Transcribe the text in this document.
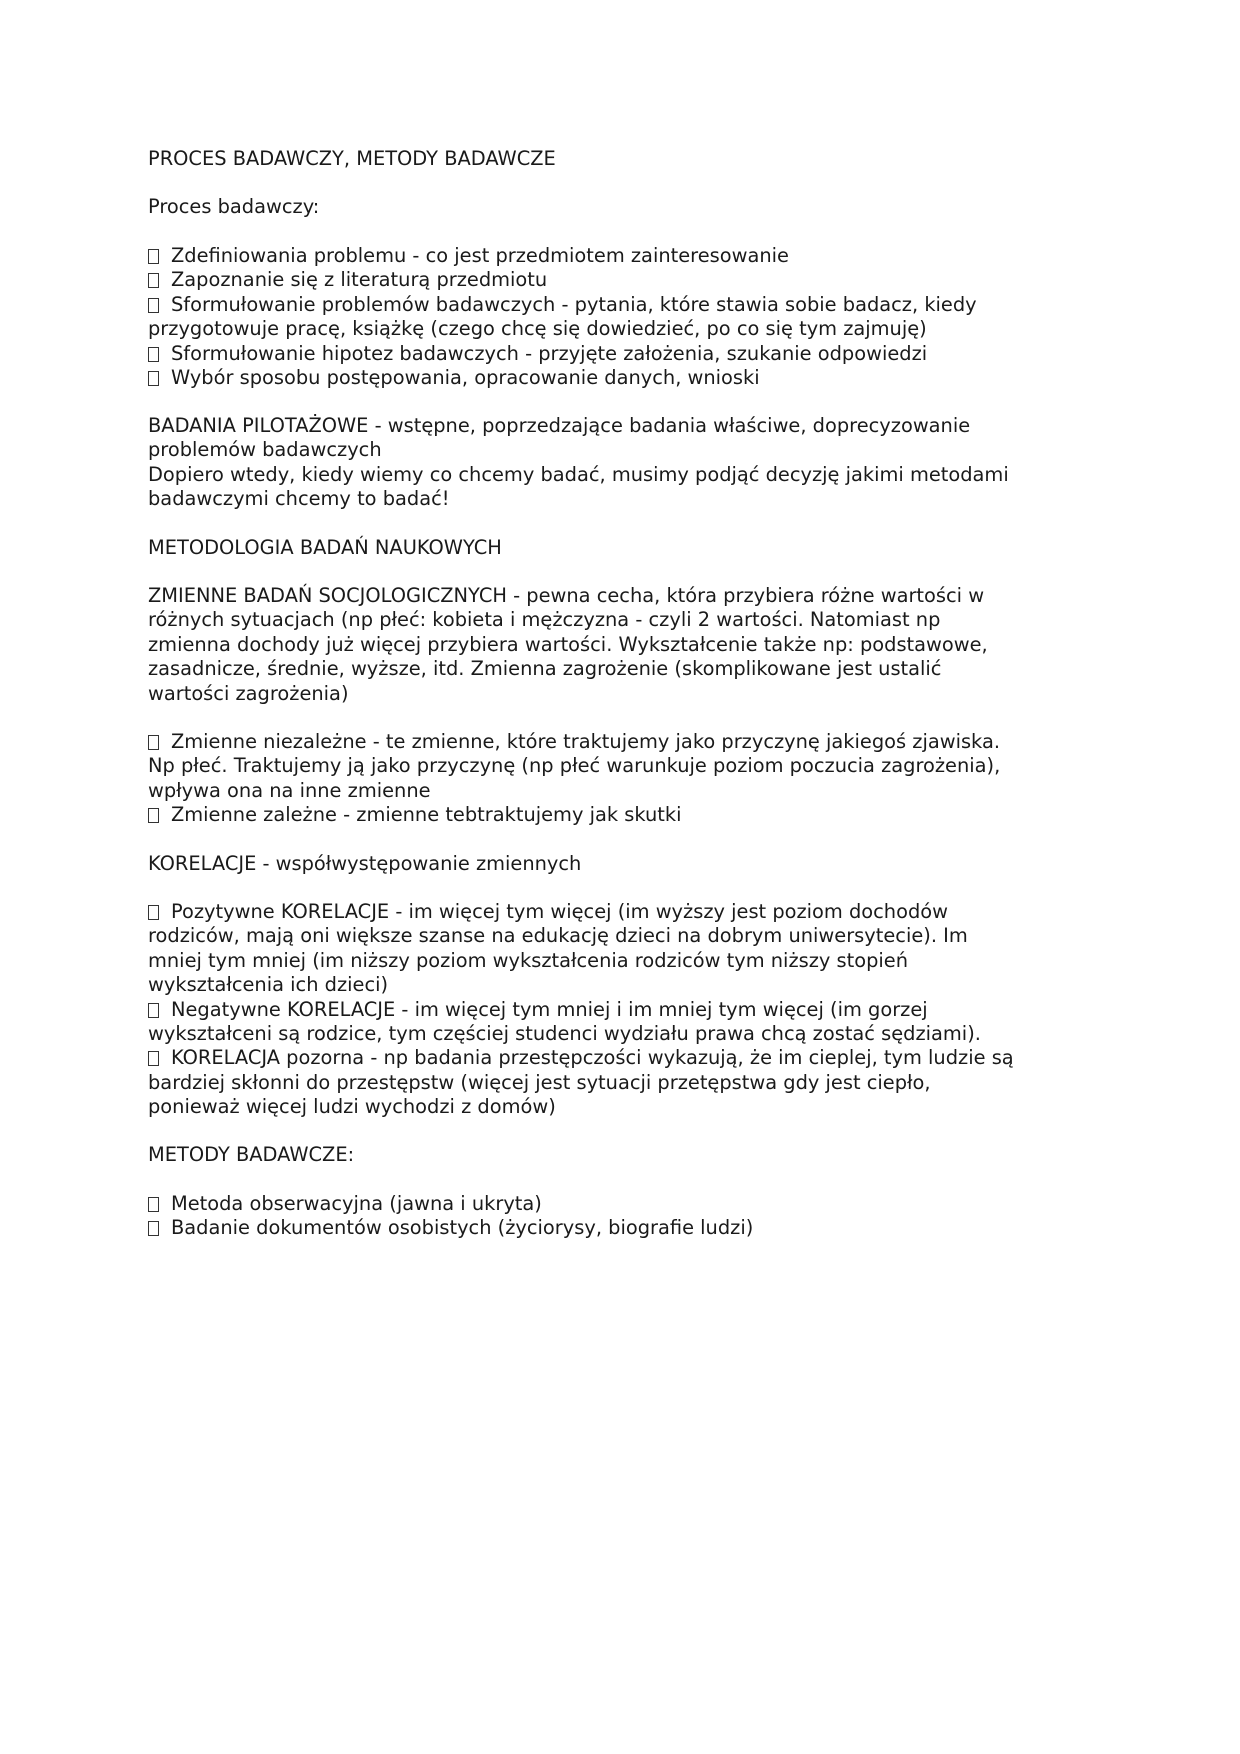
PROCES BADAWCZY, METODY BADAWCZE
Proces badawczy:
Zdefiniowania problemu - co jest przedmiotem zainteresowanie
Zapoznanie się z literaturą przedmiotu
Sformułowanie problemów badawczych - pytania, które stawia sobie badacz, kiedy
przygotowuje pracę, książkę (czego chcę się dowiedzieć, po co się tym zajmuję)
Sformułowanie hipotez badawczych - przyjęte założenia, szukanie odpowiedzi
Wybór sposobu postępowania, opracowanie danych, wnioski
BADANIA PILOTAŻOWE - wstępne, poprzedzające badania właściwe, doprecyzowanie
problemów badawczych
Dopiero wtedy, kiedy wiemy co chcemy badać, musimy podjąć decyzję jakimi metodami
badawczymi chcemy to badać!
METODOLOGIA BADAŃ NAUKOWYCH
ZMIENNE BADAŃ SOCJOLOGICZNYCH - pewna cecha, która przybiera różne wartości w
różnych sytuacjach (np płeć: kobieta i mężczyzna - czyli 2 wartości. Natomiast np
zmienna dochody już więcej przybiera wartości. Wykształcenie także np: podstawowe,
zasadnicze, średnie, wyższe, itd. Zmienna zagrożenie (skomplikowane jest ustalić
wartości zagrożenia)
Zmienne niezależne - te zmienne, które traktujemy jako przyczynę jakiegoś zjawiska.
Np płeć. Traktujemy ją jako przyczynę (np płeć warunkuje poziom poczucia zagrożenia),
wpływa ona na inne zmienne
Zmienne zależne - zmienne tebtraktujemy jak skutki
KORELACJE - współwystępowanie zmiennych
Pozytywne KORELACJE - im więcej tym więcej (im wyższy jest poziom dochodów
rodziców, mają oni większe szanse na edukację dzieci na dobrym uniwersytecie). Im
mniej tym mniej (im niższy poziom wykształcenia rodziców tym niższy stopień
wykształcenia ich dzieci)
Negatywne KORELACJE - im więcej tym mniej i im mniej tym więcej (im gorzej
wykształceni są rodzice, tym częściej studenci wydziału prawa chcą zostać sędziami).
KORELACJA pozorna - np badania przestępczości wykazują, że im cieplej, tym ludzie są
bardziej skłonni do przestępstw (więcej jest sytuacji przetępstwa gdy jest ciepło,
ponieważ więcej ludzi wychodzi z domów)
METODY BADAWCZE:
Metoda obserwacyjna (jawna i ukryta)
Badanie dokumentów osobistych (życiorysy, biografie ludzi)
